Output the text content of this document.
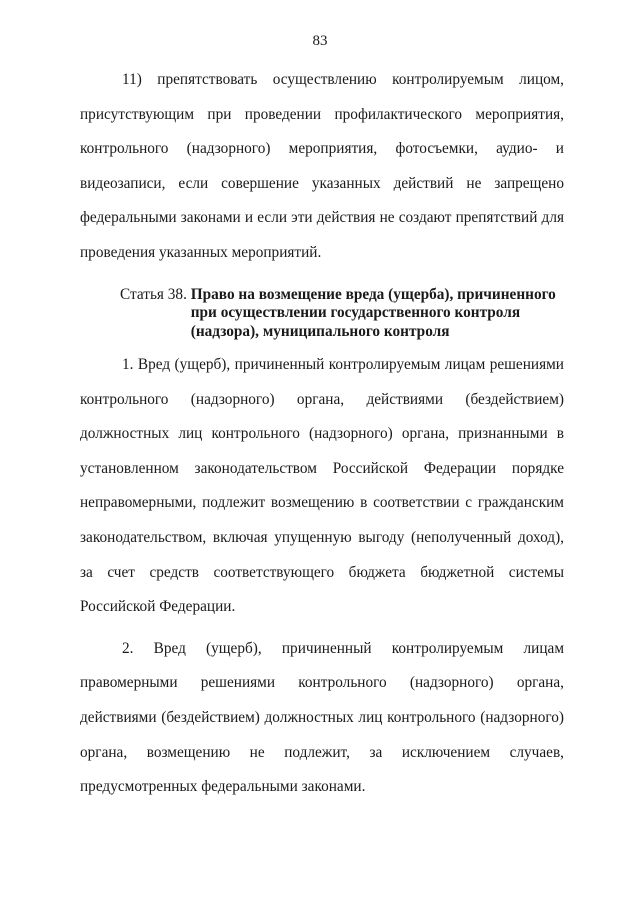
83

11) препятствовать осуществлению контролируемым лицом, присутствующим при проведении профилактического мероприятия, контрольного (надзорного) мероприятия, фотосъемки, аудио- и видеозаписи, если совершение указанных действий не запрещено федеральными законами и если эти действия не создают препятствий для проведения указанных мероприятий.

Статья 38. Право на возмещение вреда (ущерба), причиненного при осуществлении государственного контроля (надзора), муниципального контроля

1. Вред (ущерб), причиненный контролируемым лицам решениями контрольного (надзорного) органа, действиями (бездействием) должностных лиц контрольного (надзорного) органа, признанными в установленном законодательством Российской Федерации порядке неправомерными, подлежит возмещению в соответствии с гражданским законодательством, включая упущенную выгоду (неполученный доход), за счет средств соответствующего бюджета бюджетной системы Российской Федерации.

2. Вред (ущерб), причиненный контролируемым лицам правомерными решениями контрольного (надзорного) органа, действиями (бездействием) должностных лиц контрольного (надзорного) органа, возмещению не подлежит, за исключением случаев, предусмотренных федеральными законами.
